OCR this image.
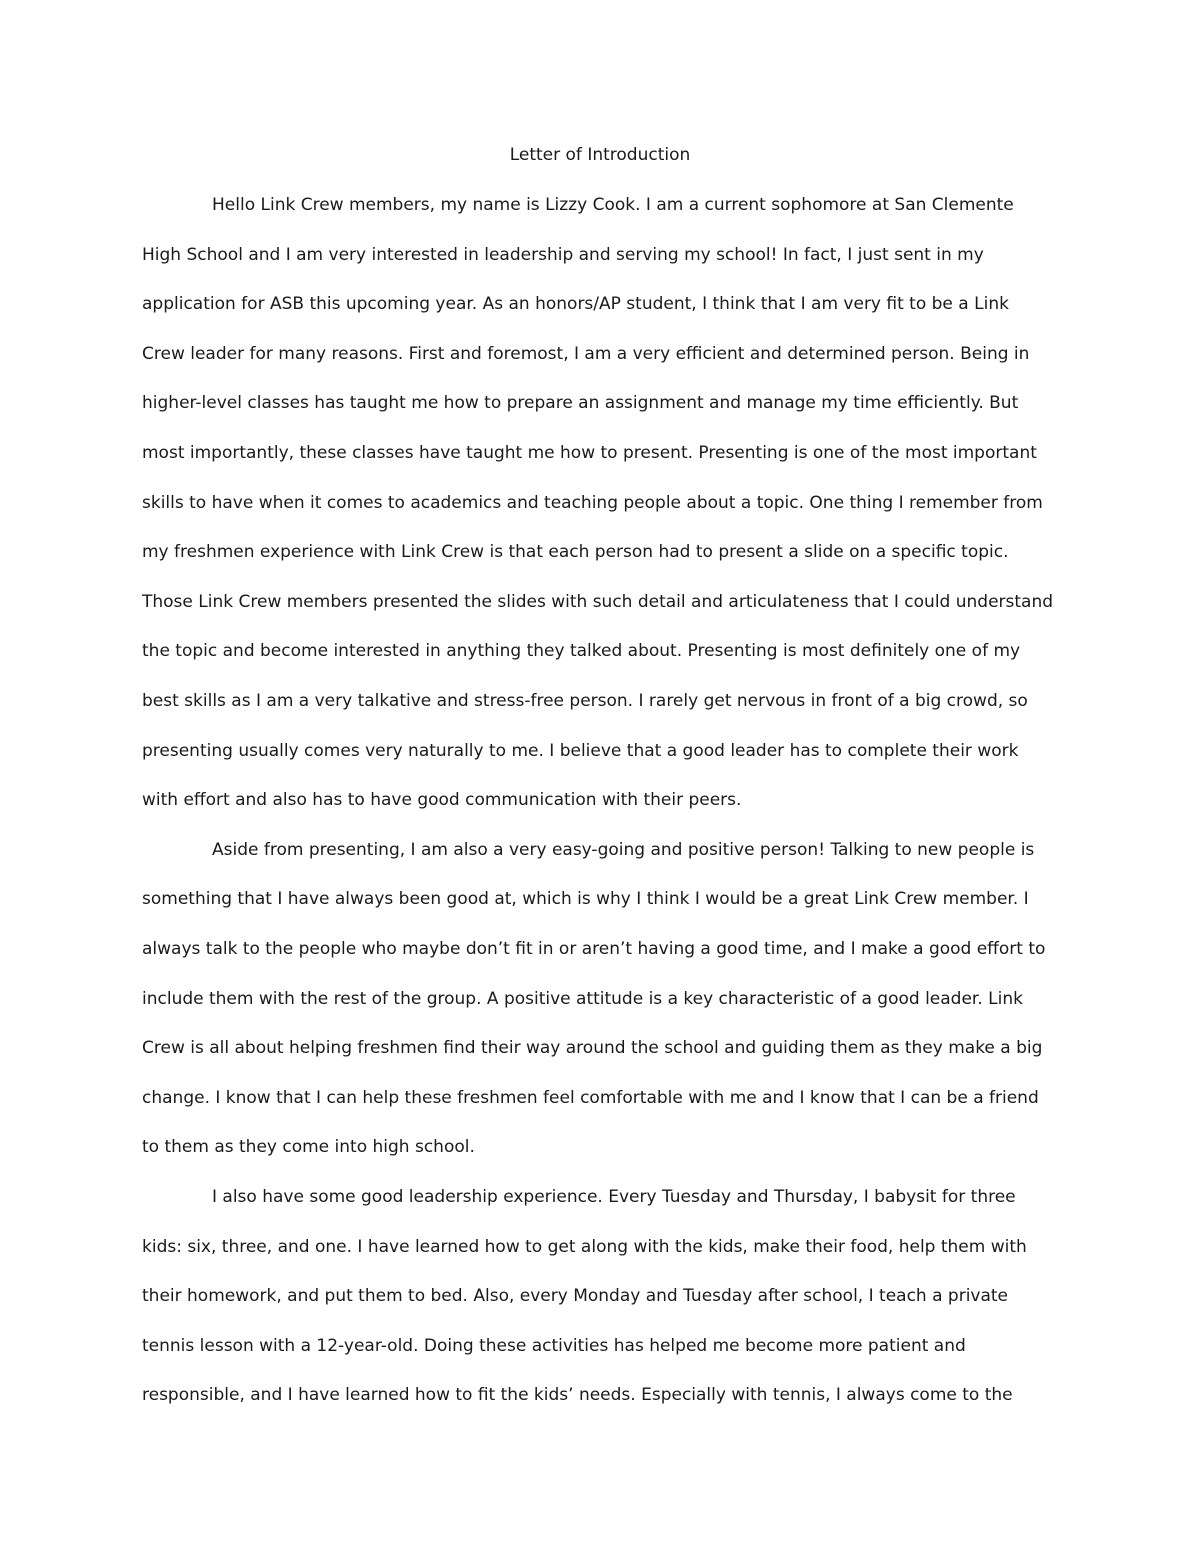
Letter of Introduction
Hello Link Crew members, my name is Lizzy Cook. I am a current sophomore at San Clemente
High School and I am very interested in leadership and serving my school! In fact, I just sent in my
application for ASB this upcoming year. As an honors/AP student, I think that I am very fit to be a Link
Crew leader for many reasons. First and foremost, I am a very efficient and determined person. Being in
higher-level classes has taught me how to prepare an assignment and manage my time efficiently. But
most importantly, these classes have taught me how to present. Presenting is one of the most important
skills to have when it comes to academics and teaching people about a topic. One thing I remember from
my freshmen experience with Link Crew is that each person had to present a slide on a specific topic.
Those Link Crew members presented the slides with such detail and articulateness that I could understand
the topic and become interested in anything they talked about. Presenting is most definitely one of my
best skills as I am a very talkative and stress-free person. I rarely get nervous in front of a big crowd, so
presenting usually comes very naturally to me. I believe that a good leader has to complete their work
with effort and also has to have good communication with their peers.
Aside from presenting, I am also a very easy-going and positive person! Talking to new people is
something that I have always been good at, which is why I think I would be a great Link Crew member. I
always talk to the people who maybe don’t fit in or aren’t having a good time, and I make a good effort to
include them with the rest of the group. A positive attitude is a key characteristic of a good leader. Link
Crew is all about helping freshmen find their way around the school and guiding them as they make a big
change. I know that I can help these freshmen feel comfortable with me and I know that I can be a friend
to them as they come into high school.
I also have some good leadership experience. Every Tuesday and Thursday, I babysit for three
kids: six, three, and one. I have learned how to get along with the kids, make their food, help them with
their homework, and put them to bed. Also, every Monday and Tuesday after school, I teach a private
tennis lesson with a 12-year-old. Doing these activities has helped me become more patient and
responsible, and I have learned how to fit the kids’ needs. Especially with tennis, I always come to the
